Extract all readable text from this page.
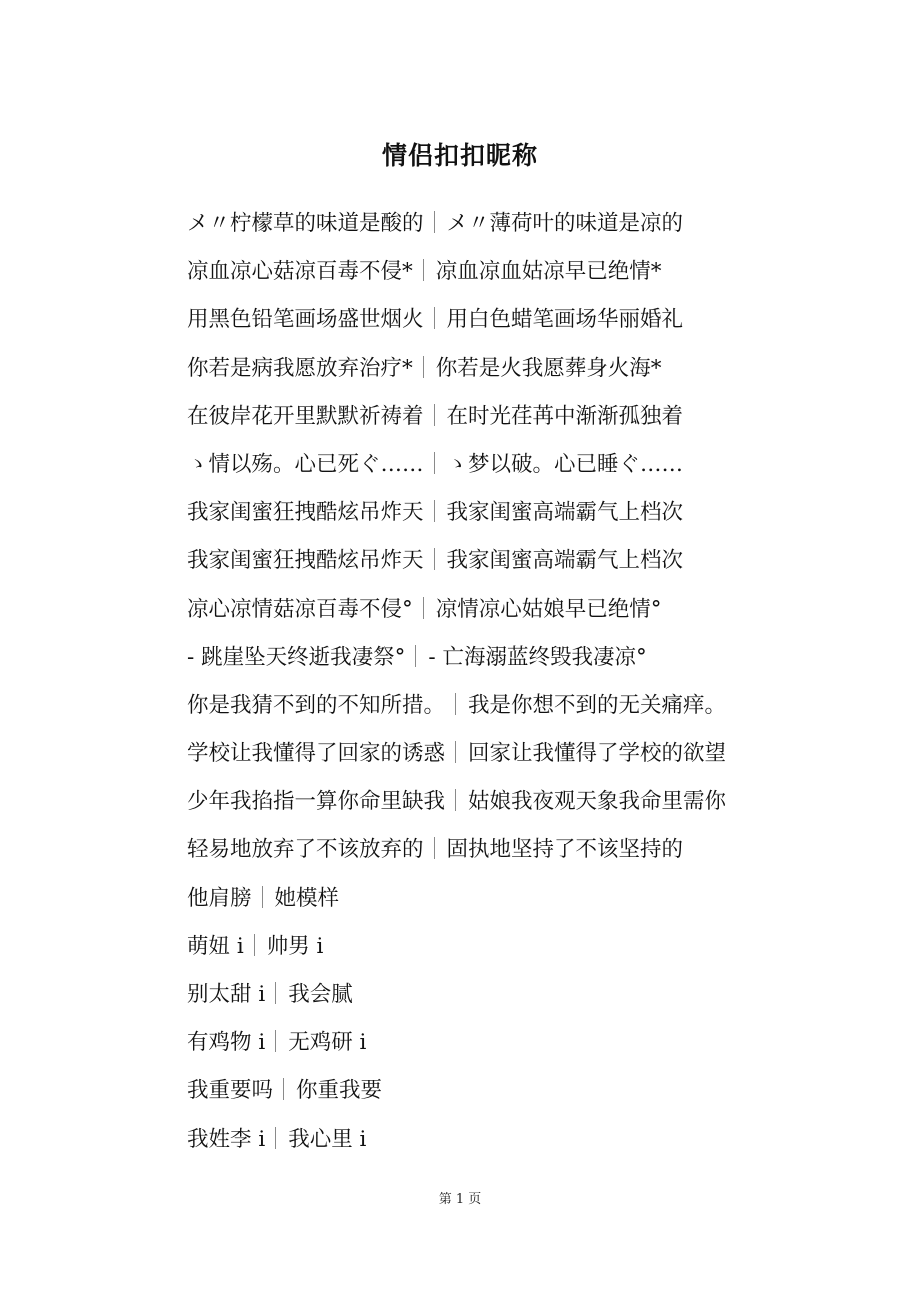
情侣扣扣昵称
メ〃柠檬草的味道是酸的 メ〃薄荷叶的味道是凉的
凉血凉心菇凉百毒不侵* 凉血凉血姑凉早已绝情*
用黑色铅笔画场盛世烟火 用白色蜡笔画场华丽婚礼
你若是病我愿放弃治疗* 你若是火我愿葬身火海*
在彼岸花开里默默祈祷着 在时光荏苒中渐渐孤独着
ゝ情以殇。心已死ぐ…… ゝ梦以破。心已睡ぐ……
我家闺蜜狂拽酷炫吊炸天 我家闺蜜高端霸气上档次
我家闺蜜狂拽酷炫吊炸天 我家闺蜜高端霸气上档次
凉心凉情菇凉百毒不侵° 凉情凉心姑娘早已绝情°
- 跳崖坠天终逝我凄祭° - 亡海溺蓝终毁我凄凉°
你是我猜不到的不知所措。 我是你想不到的无关痛痒。
学校让我懂得了回家的诱惑 回家让我懂得了学校的欲望
少年我掐指一算你命里缺我 姑娘我夜观天象我命里需你
轻易地放弃了不该放弃的 固执地坚持了不该坚持的
他肩膀 她模样
萌妞 i 帅男 i
别太甜 i 我会腻
有鸡物 i 无鸡研 i
我重要吗 你重我要
我姓李 i 我心里 i
第 1 页
